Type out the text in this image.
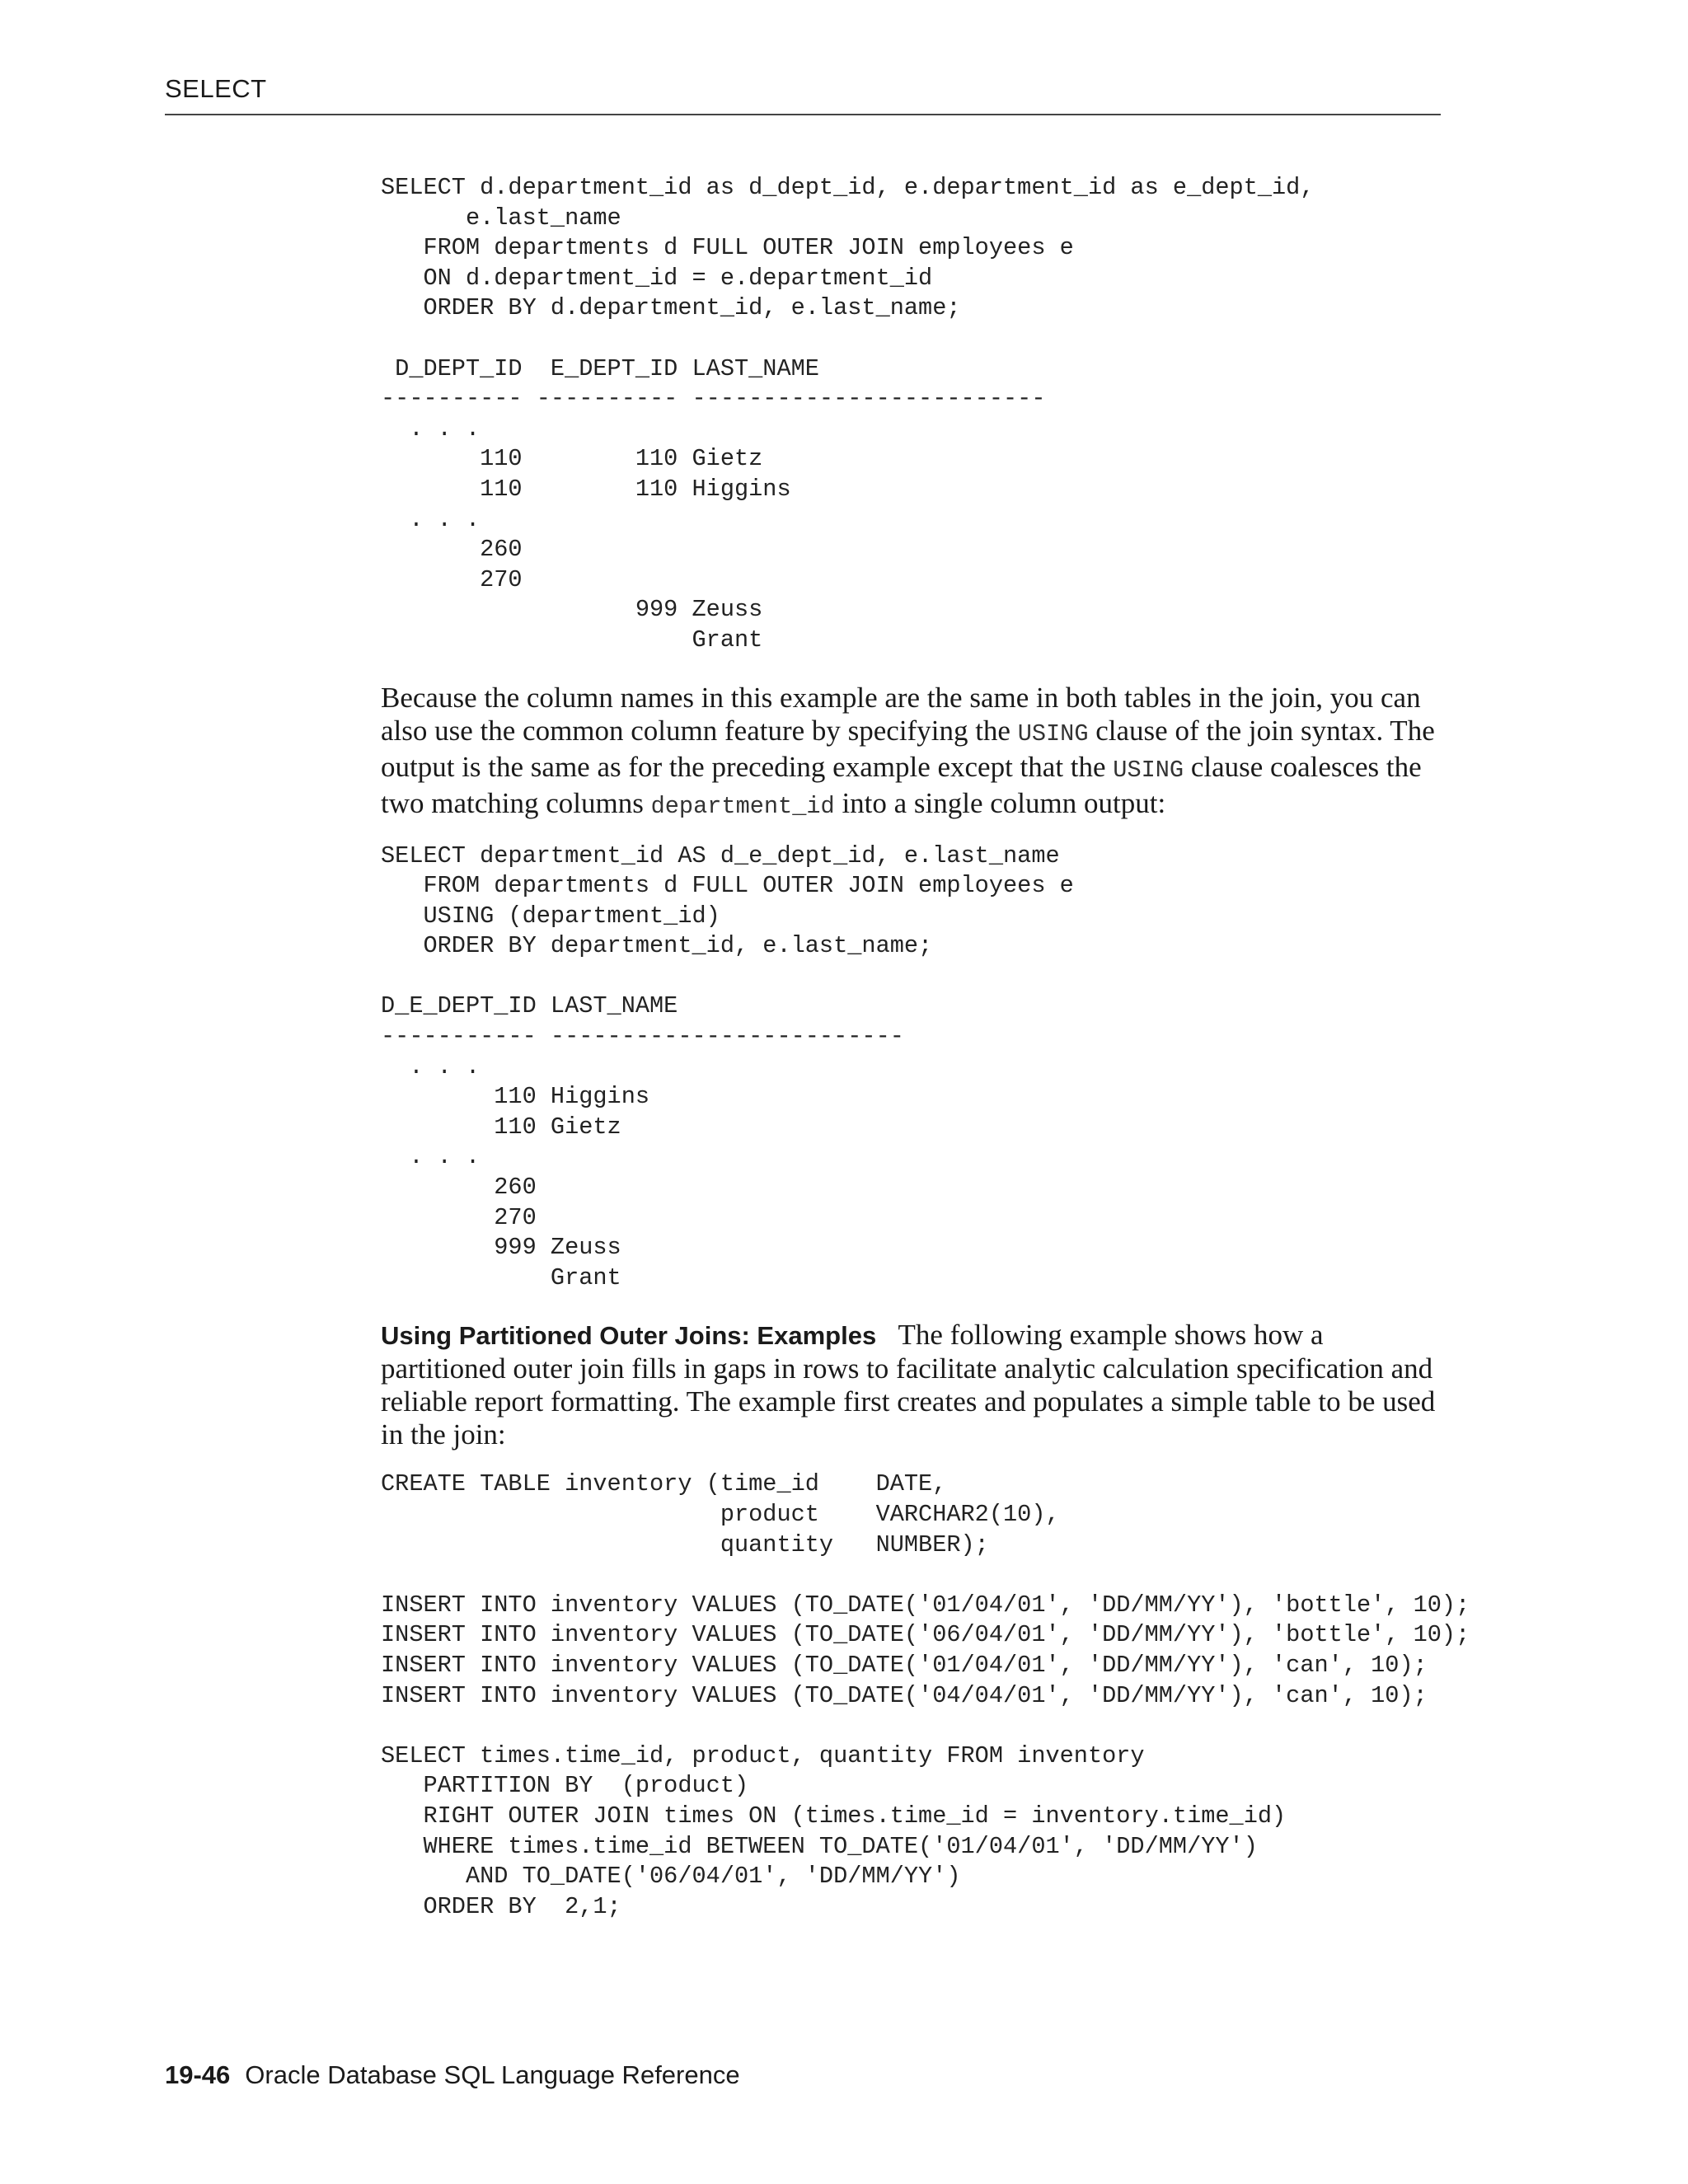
SELECT
SELECT d.department_id as d_dept_id, e.department_id as e_dept_id,
e.last_name
FROM departments d FULL OUTER JOIN employees e
ON d.department_id = e.department_id
ORDER BY d.department_id, e.last_name;

D_DEPT_ID  E_DEPT_ID LAST_NAME
---------- ---------- -------------------------
. . .
110        110 Gietz
110        110 Higgins
. . .
260
270
999 Zeuss
Grant

Because the column names in this example are the same in both tables in the join, you can also use the common column feature by specifying the USING clause of the join syntax. The output is the same as for the preceding example except that the USING clause coalesces the two matching columns department_id into a single column output:

SELECT department_id AS d_e_dept_id, e.last_name
FROM departments d FULL OUTER JOIN employees e
USING (department_id)
ORDER BY department_id, e.last_name;

D_E_DEPT_ID LAST_NAME
----------- -------------------------
. . .
110 Higgins
110 Gietz
. . .
260
270
999 Zeuss
Grant

Using Partitioned Outer Joins: Examples The following example shows how a partitioned outer join fills in gaps in rows to facilitate analytic calculation specification and reliable report formatting. The example first creates and populates a simple table to be used in the join:

CREATE TABLE inventory (time_id    DATE,
product    VARCHAR2(10),
quantity   NUMBER);

INSERT INTO inventory VALUES (TO_DATE('01/04/01', 'DD/MM/YY'), 'bottle', 10);
INSERT INTO inventory VALUES (TO_DATE('06/04/01', 'DD/MM/YY'), 'bottle', 10);
INSERT INTO inventory VALUES (TO_DATE('01/04/01', 'DD/MM/YY'), 'can', 10);
INSERT INTO inventory VALUES (TO_DATE('04/04/01', 'DD/MM/YY'), 'can', 10);

SELECT times.time_id, product, quantity FROM inventory
PARTITION BY  (product)
RIGHT OUTER JOIN times ON (times.time_id = inventory.time_id)
WHERE times.time_id BETWEEN TO_DATE('01/04/01', 'DD/MM/YY')
AND TO_DATE('06/04/01', 'DD/MM/YY')
ORDER BY  2,1;
19-46 Oracle Database SQL Language Reference
